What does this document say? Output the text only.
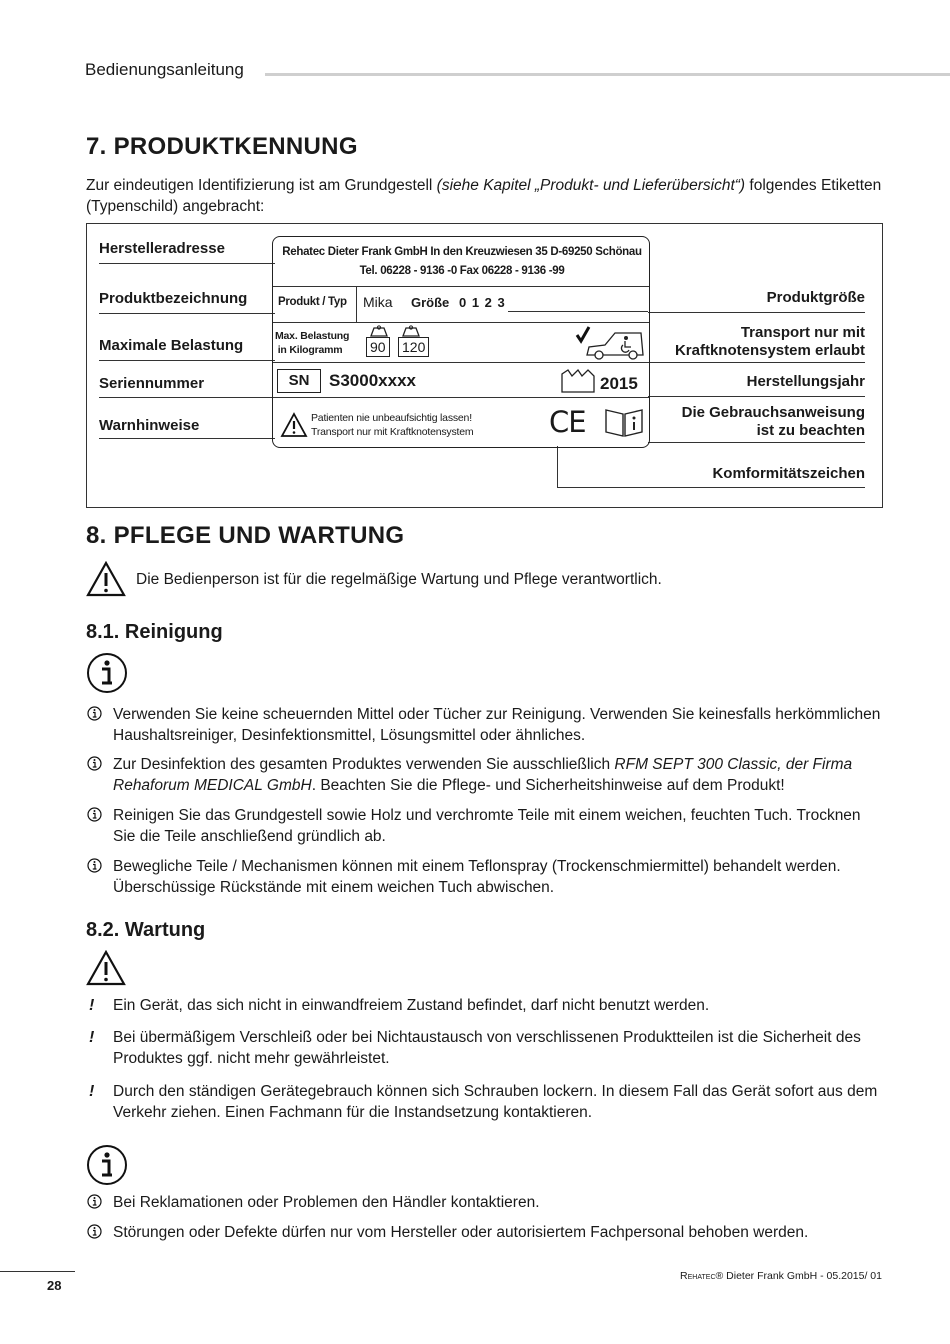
Bedienungsanleitung
7. PRODUKTKENNUNG
Zur eindeutigen Identifizierung ist am Grundgestell (siehe Kapitel „Produkt- und Lieferübersicht“) folgendes Etiketten (Typenschild) angebracht:
Herstelleradresse
Produktbezeichnung
Maximale Belastung
Seriennummer
Warnhinweise
Produktgröße
Transport nur mit
Kraftknotensystem erlaubt
Herstellungsjahr
Die Gebrauchsanweisung
ist zu beachten
Komformitätszeichen
Rehatec Dieter Frank GmbH In den Kreuzwiesen 35 D-69250 Schönau
Tel. 06228 - 9136 -0 Fax 06228 - 9136 -99
Produkt / Typ Mika Größe 0 1 2 3
Max. Belastung
in Kilogramm	90 120
SN	S3000xxxx	2015
Patienten nie unbeaufsichtig lassen!
Transport nur mit Kraftknotensystem	CE
8. PFLEGE UND WARTUNG
Die Bedienperson ist für die regelmäßige Wartung und Pflege verantwortlich.
8.1. Reinigung
Verwenden Sie keine scheuernden Mittel oder Tücher zur Reinigung. Verwenden Sie keinesfalls herkömmlichen Haushaltsreiniger, Desinfektionsmittel, Lösungsmittel oder ähnliches.
Zur Desinfektion des gesamten Produktes verwenden Sie ausschließlich RFM SEPT 300 Classic, der Firma Rehaforum MEDICAL GmbH. Beachten Sie die Pflege- und Sicherheitshinweise auf dem Produkt!
Reinigen Sie das Grundgestell sowie Holz und verchromte Teile mit einem weichen, feuchten Tuch. Trocknen Sie die Teile anschließend gründlich ab.
Bewegliche Teile / Mechanismen können mit einem Teflonspray (Trockenschmiermittel) behandelt werden. Überschüssige Rückstände mit einem weichen Tuch abwischen.
8.2. Wartung
! Ein Gerät, das sich nicht in einwandfreiem Zustand befindet, darf nicht benutzt werden.
! Bei übermäßigem Verschleiß oder bei Nichtaustausch von verschlissenen Produktteilen ist die Sicherheit des Produktes ggf. nicht mehr gewährleistet.
! Durch den ständigen Gerätegebrauch können sich Schrauben lockern. In diesem Fall das Gerät sofort aus dem Verkehr ziehen. Einen Fachmann für die Instandsetzung kontaktieren.
Bei Reklamationen oder Problemen den Händler kontaktieren.
Störungen oder Defekte dürfen nur vom Hersteller oder autorisiertem Fachpersonal behoben werden.
28
Rehatec® Dieter Frank GmbH - 05.2015/ 01
